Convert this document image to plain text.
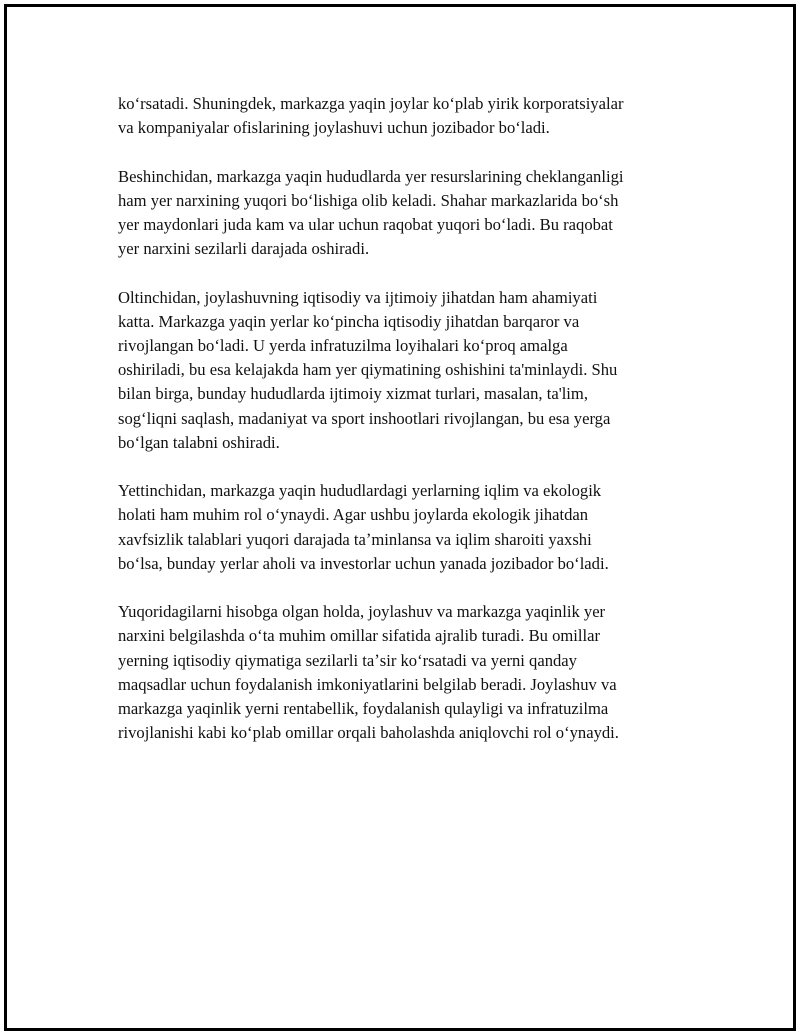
koʻrsatadi. Shuningdek, markazga yaqin joylar koʻplab yirik korporatsiyalar
va kompaniyalar ofislarining joylashuvi uchun jozibador boʻladi.

Beshinchidan, markazga yaqin hududlarda yer resurslarining cheklanganligi
ham yer narxining yuqori boʻlishiga olib keladi. Shahar markazlarida boʻsh
yer maydonlari juda kam va ular uchun raqobat yuqori boʻladi. Bu raqobat
yer narxini sezilarli darajada oshiradi.

Oltinchidan, joylashuvning iqtisodiy va ijtimoiy jihatdan ham ahamiyati
katta. Markazga yaqin yerlar koʻpincha iqtisodiy jihatdan barqaror va
rivojlangan boʻladi. U yerda infratuzilma loyihalari koʻproq amalga
oshiriladi, bu esa kelajakda ham yer qiymatining oshishini ta'minlaydi. Shu
bilan birga, bunday hududlarda ijtimoiy xizmat turlari, masalan, ta'lim,
sogʻliqni saqlash, madaniyat va sport inshootlari rivojlangan, bu esa yerga
boʻlgan talabni oshiradi.

Yettinchidan, markazga yaqin hududlardagi yerlarning iqlim va ekologik
holati ham muhim rol oʻynaydi. Agar ushbu joylarda ekologik jihatdan
xavfsizlik talablari yuqori darajada taʼminlansa va iqlim sharoiti yaxshi
boʻlsa, bunday yerlar aholi va investorlar uchun yanada jozibador boʻladi.

Yuqoridagilarni hisobga olgan holda, joylashuv va markazga yaqinlik yer
narxini belgilashda oʻta muhim omillar sifatida ajralib turadi. Bu omillar
yerning iqtisodiy qiymatiga sezilarli taʼsir koʻrsatadi va yerni qanday
maqsadlar uchun foydalanish imkoniyatlarini belgilab beradi. Joylashuv va
markazga yaqinlik yerni rentabellik, foydalanish qulayligi va infratuzilma
rivojlanishi kabi koʻplab omillar orqali baholashda aniqlovchi rol oʻynaydi.
